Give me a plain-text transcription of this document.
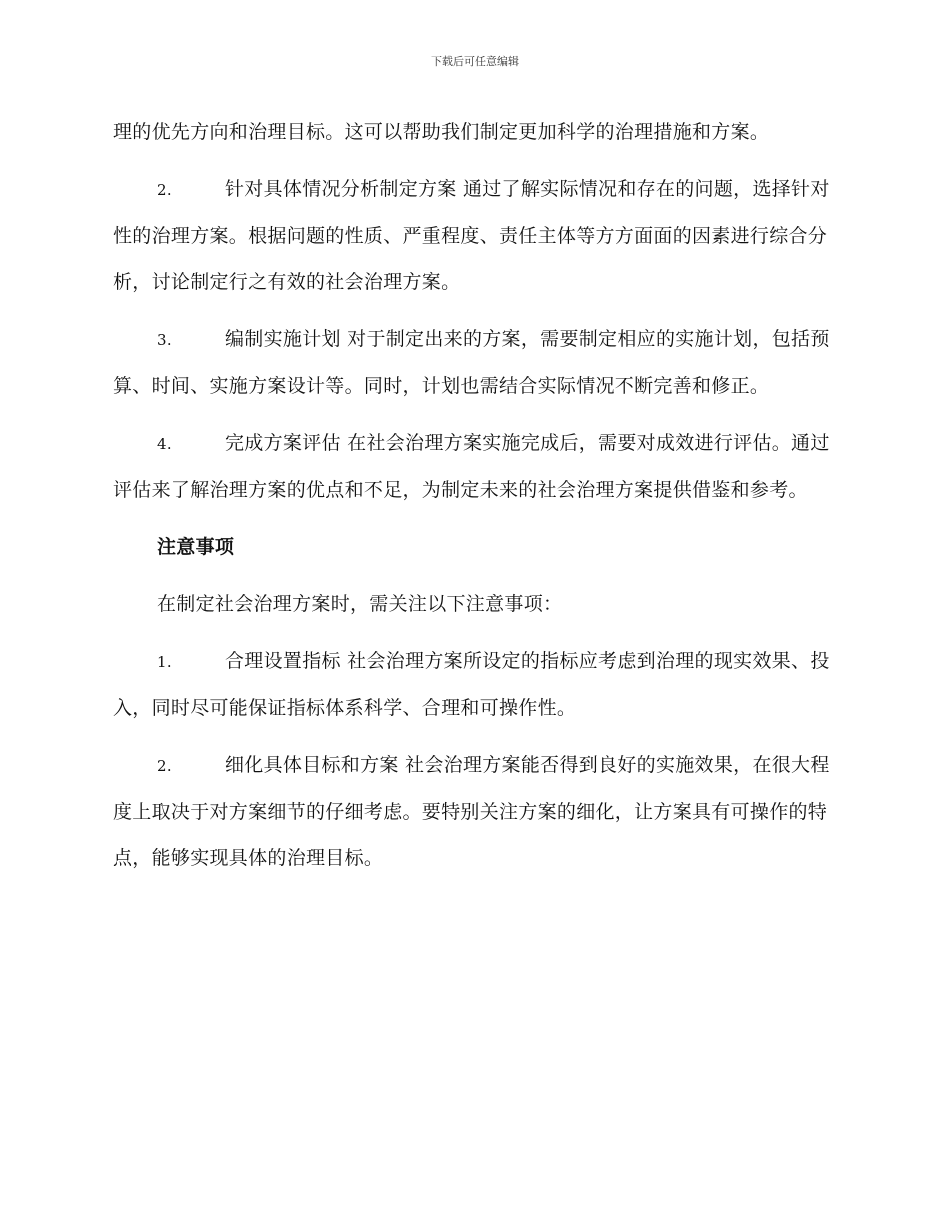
下载后可任意编辑

理的优先方向和治理目标。这可以帮助我们制定更加科学的治理措施和方案。

2.	针对具体情况分析制定方案 通过了解实际情况和存在的问题，选择针对性的治理方案。根据问题的性质、严重程度、责任主体等方方面面的因素进行综合分析，讨论制定行之有效的社会治理方案。
3.	编制实施计划 对于制定出来的方案，需要制定相应的实施计划，包括预算、时间、实施方案设计等。同时，计划也需结合实际情况不断完善和修正。
4.	完成方案评估 在社会治理方案实施完成后，需要对成效进行评估。通过评估来了解治理方案的优点和不足，为制定未来的社会治理方案提供借鉴和参考。
注意事项

在制定社会治理方案时，需关注以下注意事项：

1.	合理设置指标 社会治理方案所设定的指标应考虑到治理的现实效果、投入，同时尽可能保证指标体系科学、合理和可操作性。
2.	细化具体目标和方案 社会治理方案能否得到良好的实施效果，在很大程度上取决于对方案细节的仔细考虑。要特别关注方案的细化，让方案具有可操作的特点，能够实现具体的治理目标。
